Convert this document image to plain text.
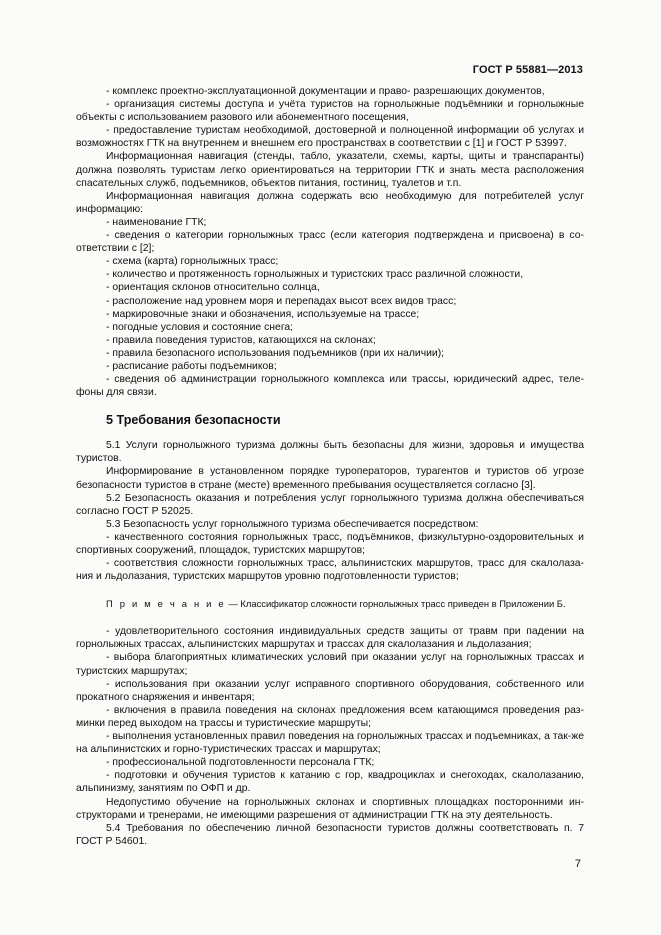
ГОСТ Р 55881—2013

- комплекс проектно-эксплуатационной документации и право- разрешающих документов,

- организация системы доступа и учёта туристов на горнолыжные подъёмники и горнолыжные объекты с использованием разового или абонементного посещения,

- предоставление туристам необходимой, достоверной и полноценной информации об услугах и возможностях ГТК на внутреннем и внешнем его пространствах в соответствии с [1] и ГОСТ Р 53997.

Информационная навигация (стенды, табло, указатели, схемы, карты, щиты и транспаранты) должна позволять туристам легко ориентироваться на территории ГТК и знать места расположения спасательных служб, подъемников, объектов питания, гостиниц, туалетов и т.п.

Информационная навигация должна содержать всю необходимую для потребителей услуг информацию:

- наименование ГТК;

- сведения о категории горнолыжных трасс (если категория подтверждена и присвоена) в со-ответствии с [2];

- схема (карта) горнолыжных трасс;

- количество и протяженность горнолыжных и туристских трасс различной сложности,

- ориентация склонов относительно солнца,

- расположение над уровнем моря и перепадах высот всех видов трасс;

- маркировочные знаки и обозначения, используемые на трассе;

- погодные условия и состояние снега;

- правила поведения туристов, катающихся на склонах;

- правила безопасного использования подъемников (при их наличии);

- расписание работы подъемников;

- сведения об администрации горнолыжного комплекса или трассы, юридический адрес, теле-фоны для связи.

5 Требования безопасности

5.1 Услуги горнолыжного туризма должны быть безопасны для жизни, здоровья и имущества туристов.

Информирование в установленном порядке туроператоров, турагентов и туристов об угрозе безопасности туристов в стране (месте) временного пребывания осуществляется согласно [3].

5.2 Безопасность оказания и потребления услуг горнолыжного туризма должна обеспечиваться согласно ГОСТ Р 52025.

5.3 Безопасность услуг горнолыжного туризма обеспечивается посредством:

- качественного состояния горнолыжных трасс, подъёмников, физкультурно-оздоровительных и спортивных сооружений, площадок, туристских маршрутов;

- соответствия сложности горнолыжных трасс, альпинистских маршрутов, трасс для скалолаза-ния и льдолазания, туристских маршрутов уровню подготовленности туристов;

П р и м е ч а н и е — Классификатор сложности горнолыжных трасс приведен в Приложении Б.

- удовлетворительного состояния индивидуальных средств защиты от травм при падении на горнолыжных трассах, альпинистских маршрутах и трассах для скалолазания и льдолазания;

- выбора благоприятных климатических условий при оказании услуг на горнолыжных трассах и туристских маршрутах;

- использования при оказании услуг исправного спортивного оборудования, собственного или прокатного снаряжения и инвентаря;

- включения в правила поведения на склонах предложения всем катающимся проведения раз-минки перед выходом на трассы и туристические маршруты;

- выполнения установленных правил поведения на горнолыжных трассах и подъемниках, а так-же на альпинистских и горно-туристических трассах и маршрутах;

- профессиональной подготовленности персонала ГТК;

- подготовки и обучения туристов к катанию с гор, квадроциклах и снегоходах, скалолазанию, альпинизму, занятиям по ОФП и др.

Недопустимо обучение на горнолыжных склонах и спортивных площадках посторонними ин-структорами и тренерами, не имеющими разрешения от администрации ГТК на эту деятельность.

5.4 Требования по обеспечению личной безопасности туристов должны соответствовать п. 7 ГОСТ Р 54601.

7
